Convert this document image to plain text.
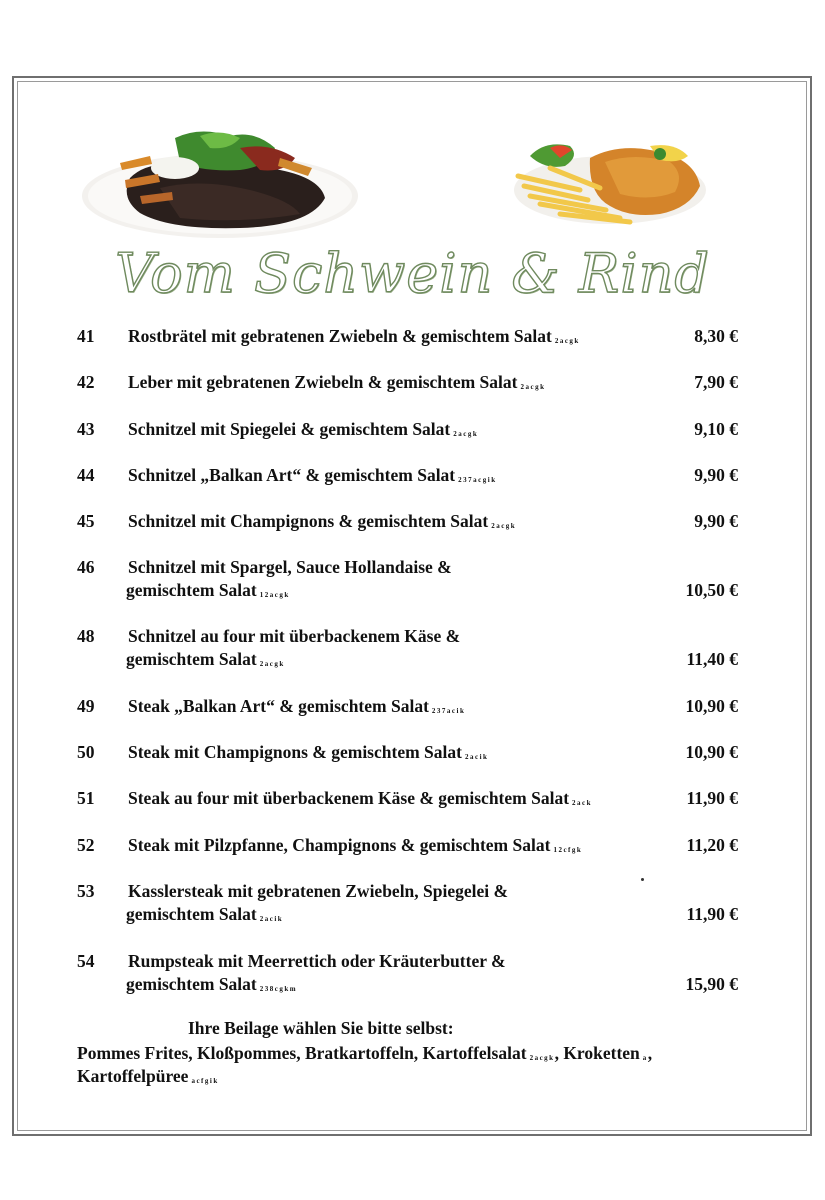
Vom Schwein & Rind
41 Rostbrätel mit gebratenen Zwiebeln & gemischtem Salat 2acgk	8,30 €
42 Leber mit gebratenen Zwiebeln & gemischtem Salat 2acgk	7,90 €
43 Schnitzel mit Spiegelei & gemischtem Salat 2acgk	9,10 €
44 Schnitzel „Balkan Art“ & gemischtem Salat 237acgik	9,90 €
45 Schnitzel mit Champignons & gemischtem Salat 2acgk	9,90 €
46 Schnitzel mit Spargel, Sauce Hollandaise &
gemischtem Salat 12acgk	10,50 €
48 Schnitzel au four mit überbackenem Käse &
gemischtem Salat 2acgk	11,40 €
49 Steak „Balkan Art“ & gemischtem Salat 237acik	10,90 €
50 Steak mit Champignons & gemischtem Salat 2acik	10,90 €
51 Steak au four mit überbackenem Käse & gemischtem Salat 2ack	11,90 €
52 Steak mit Pilzpfanne, Champignons & gemischtem Salat 12cfgk	11,20 €
53 Kasslersteak mit gebratenen Zwiebeln, Spiegelei &
gemischtem Salat 2acik	11,90 €
54 Rumpsteak mit Meerrettich oder Kräuterbutter &
gemischtem Salat 238cgkm	15,90 €
Ihre Beilage wählen Sie bitte selbst:
Pommes Frites, Kloßpommes, Bratkartoffeln, Kartoffelsalat 2acgk, Kroketten a,
Kartoffelpüree acfgik
